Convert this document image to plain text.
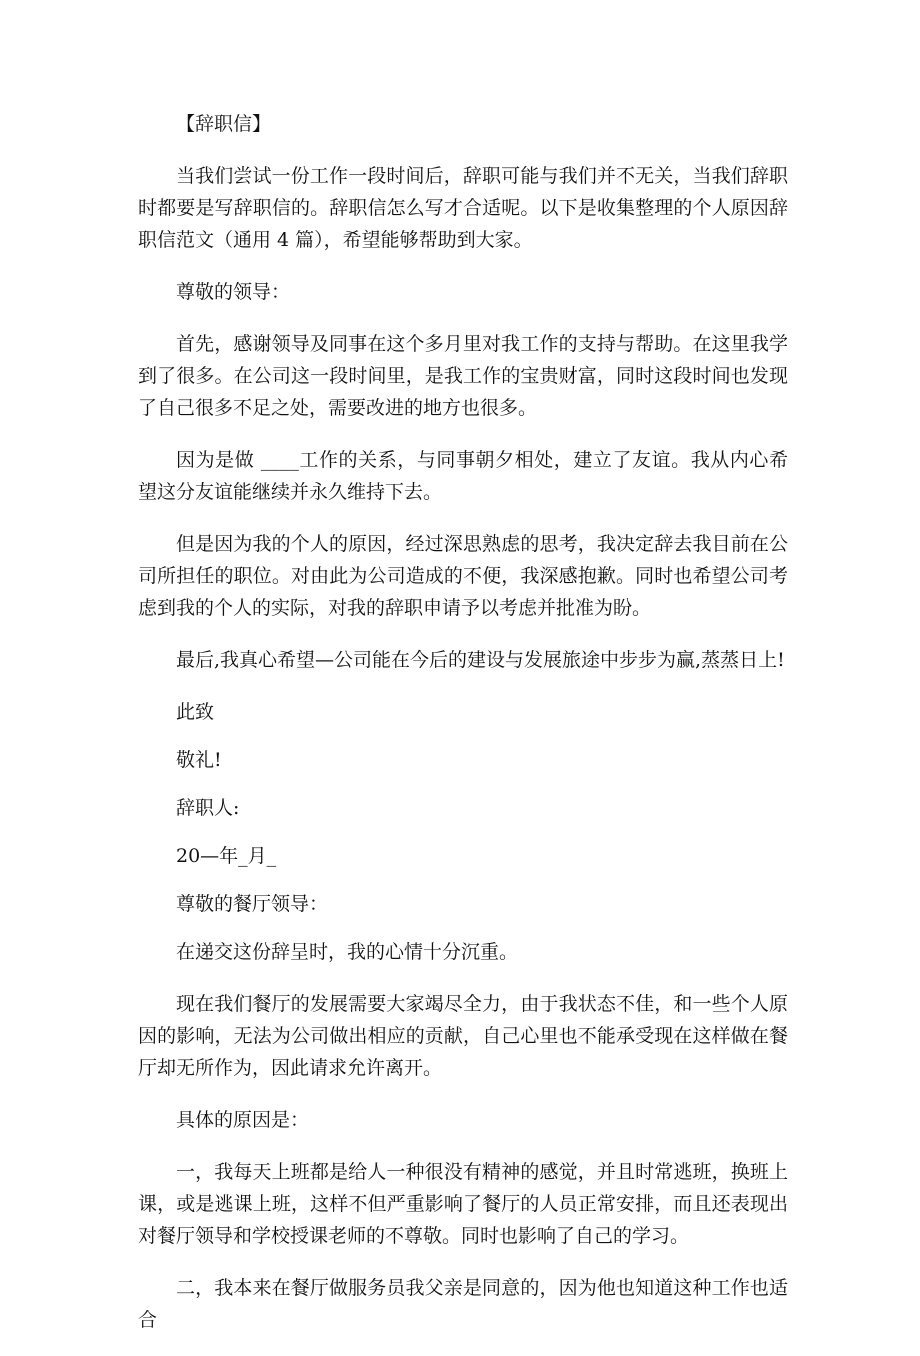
【辞职信】

当我们尝试一份工作一段时间后，辞职可能与我们并不无关，当我们辞职时都要是写辞职信的。辞职信怎么写才合适呢。以下是收集整理的个人原因辞职信范文（通用 4 篇），希望能够帮助到大家。

尊敬的领导：

首先，感谢领导及同事在这个多月里对我工作的支持与帮助。在这里我学到了很多。在公司这一段时间里，是我工作的宝贵财富，同时这段时间也发现了自己很多不足之处，需要改进的地方也很多。

因为是做 ____工作的关系，与同事朝夕相处，建立了友谊。我从内心希望这分友谊能继续并永久维持下去。

但是因为我的个人的原因，经过深思熟虑的思考，我决定辞去我目前在公司所担任的职位。对由此为公司造成的不便，我深感抱歉。同时也希望公司考虑到我的个人的实际，对我的辞职申请予以考虑并批准为盼。

最后,我真心希望—公司能在今后的建设与发展旅途中步步为赢,蒸蒸日上!

此致

敬礼!

辞职人:

20—年_月_

尊敬的餐厅领导：

在递交这份辞呈时，我的心情十分沉重。

现在我们餐厅的发展需要大家竭尽全力，由于我状态不佳，和一些个人原因的影响，无法为公司做出相应的贡献，自己心里也不能承受现在这样做在餐厅却无所作为，因此请求允许离开。

具体的原因是：

一，我每天上班都是给人一种很没有精神的感觉，并且时常逃班，换班上课，或是逃课上班，这样不但严重影响了餐厅的人员正常安排，而且还表现出对餐厅领导和学校授课老师的不尊敬。同时也影响了自己的学习。

二，我本来在餐厅做服务员我父亲是同意的，因为他也知道这种工作也适合
